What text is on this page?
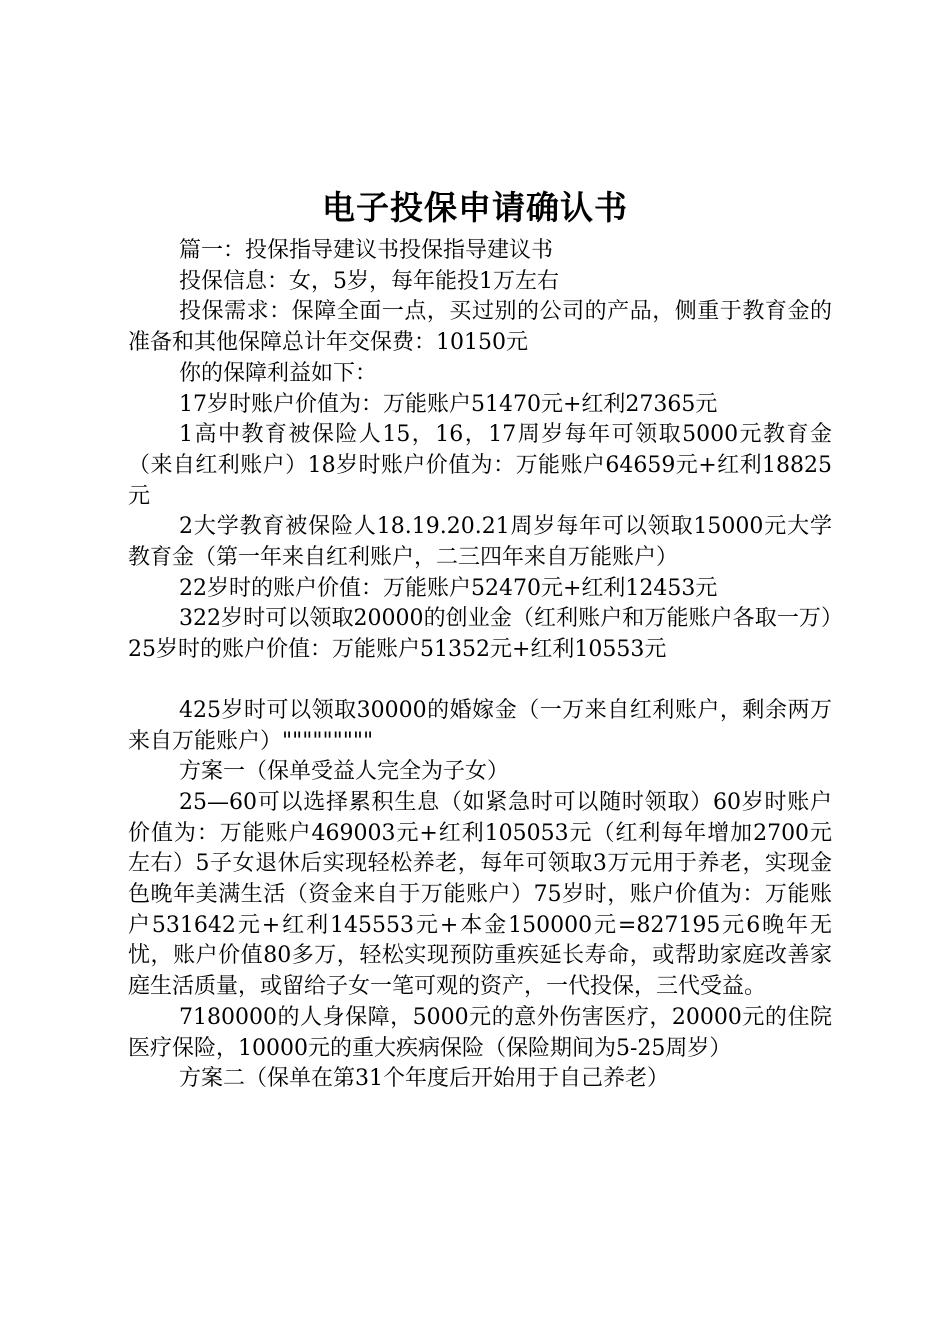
电子投保申请确认书

篇一：投保指导建议书投保指导建议书

投保信息：女，5岁，每年能投1万左右

投保需求：保障全面一点，买过别的公司的产品，侧重于教育金的准备和其他保障总计年交保费：10150元

你的保障利益如下：

17岁时账户价值为：万能账户51470元+红利27365元

1高中教育被保险人15，16，17周岁每年可领取5000元教育金（来自红利账户）18岁时账户价值为：万能账户64659元+红利18825元

2大学教育被保险人18.19.20.21周岁每年可以领取15000元大学教育金（第一年来自红利账户，二三四年来自万能账户）

22岁时的账户价值：万能账户52470元+红利12453元

322岁时可以领取20000的创业金（红利账户和万能账户各取一万）25岁时的账户价值：万能账户51352元+红利10553元

425岁时可以领取30000的婚嫁金（一万来自红利账户，剩余两万来自万能账户）"""""""""

方案一（保单受益人完全为子女）

25—60可以选择累积生息（如紧急时可以随时领取）60岁时账户价值为：万能账户469003元+红利105053元（红利每年增加2700元左右）5子女退休后实现轻松养老，每年可领取3万元用于养老，实现金色晚年美满生活（资金来自于万能账户）75岁时，账户价值为：万能账户531642元+红利145553元+本金150000元=827195元6晚年无忧，账户价值80多万，轻松实现预防重疾延长寿命，或帮助家庭改善家庭生活质量，或留给子女一笔可观的资产，一代投保，三代受益。

7180000的人身保障，5000元的意外伤害医疗，20000元的住院医疗保险，10000元的重大疾病保险（保险期间为5-25周岁）

方案二（保单在第31个年度后开始用于自己养老）
